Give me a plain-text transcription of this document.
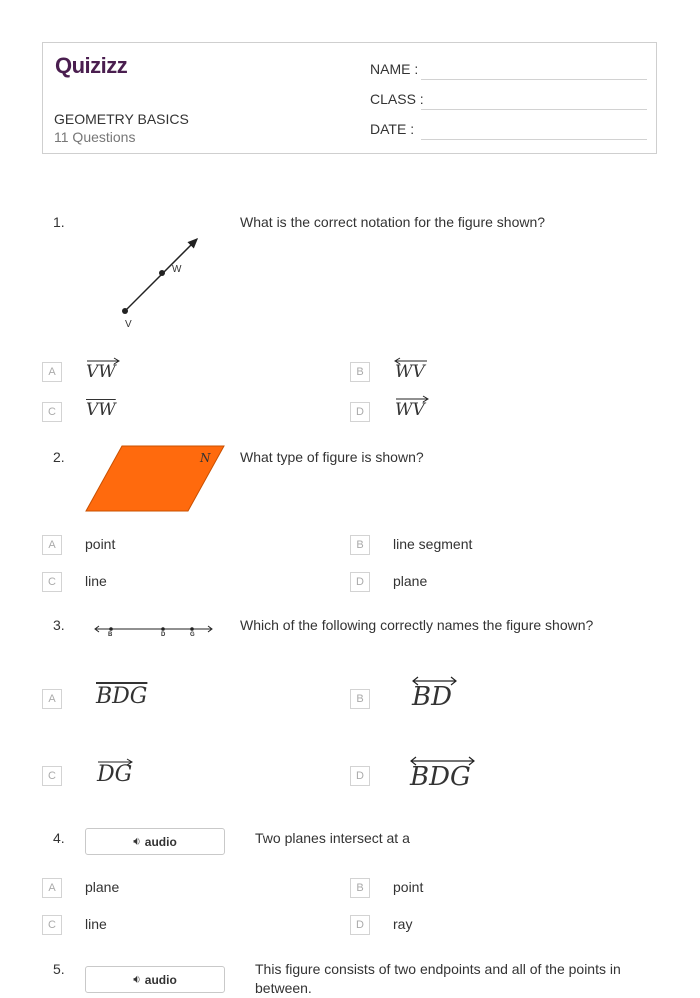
Quizizz
GEOMETRY BASICS
11 Questions
NAME :
CLASS :
DATE :
1.
W
V
What is the correct notation for the figure shown?
A	VW	B	WV
C	$\overline{VW}$	D	WV
2.	N What type of figure is shown?
A	point	B	line segment
C	line	D	plane
3.
B	D	G
Which of the following correctly names the figure shown?
A $\overline{BDG}$	B BD
C DG	D BDG
4.	🔉︎ audio	Two planes intersect at a
A	plane	B	point
C	line	D	ray
5.
🔉︎ audio
This figure consists of two endpoints and all of the points in between.
